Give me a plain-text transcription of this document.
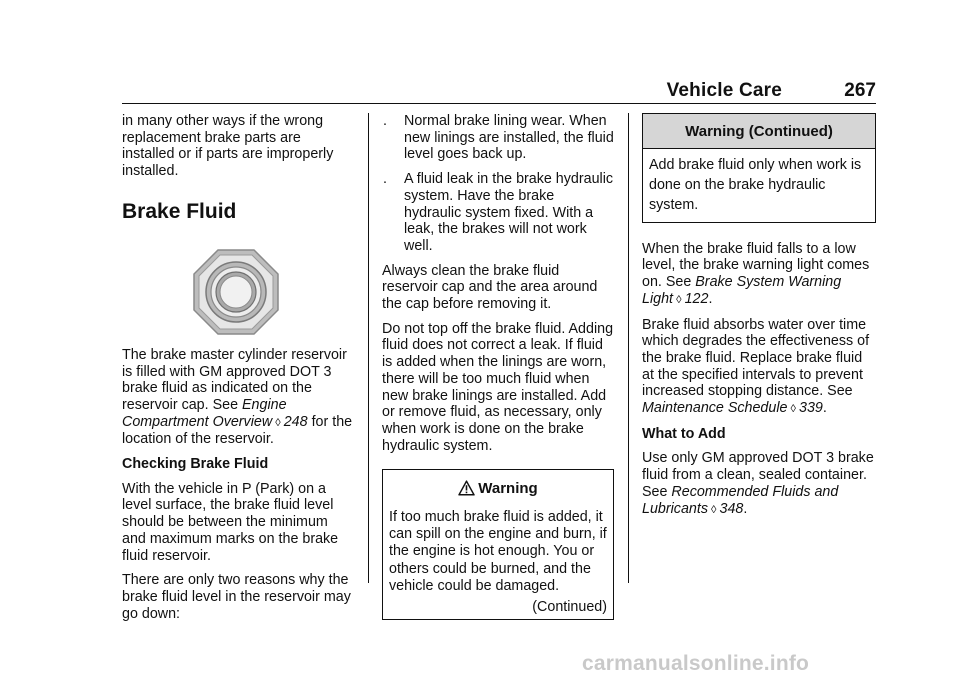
Vehicle Care	267

in many other ways if the wrong replacement brake parts are installed or if parts are improperly installed.

Brake Fluid

The brake master cylinder reservoir is filled with GM approved DOT 3 brake fluid as indicated on the reservoir cap. See Engine Compartment Overview ◊ 248 for the location of the reservoir.

Checking Brake Fluid

With the vehicle in P (Park) on a level surface, the brake fluid level should be between the minimum and maximum marks on the brake fluid reservoir.

There are only two reasons why the brake fluid level in the reservoir may go down:

. Normal brake lining wear. When new linings are installed, the fluid level goes back up.
. A fluid leak in the brake hydraulic system. Have the brake hydraulic system fixed. With a leak, the brakes will not work well.

Always clean the brake fluid reservoir cap and the area around the cap before removing it.

Do not top off the brake fluid. Adding fluid does not correct a leak. If fluid is added when the linings are worn, there will be too much fluid when new brake linings are installed. Add or remove fluid, as necessary, only when work is done on the brake hydraulic system.

Warning
If too much brake fluid is added, it can spill on the engine and burn, if the engine is hot enough. You or others could be burned, and the vehicle could be damaged.
(Continued)
Warning (Continued)
Add brake fluid only when work is done on the brake hydraulic system.

When the brake fluid falls to a low level, the brake warning light comes on. See Brake System Warning Light ◊ 122.

Brake fluid absorbs water over time which degrades the effectiveness of the brake fluid. Replace brake fluid at the specified intervals to prevent increased stopping distance. See Maintenance Schedule ◊ 339.

What to Add

Use only GM approved DOT 3 brake fluid from a clean, sealed container. See Recommended Fluids and Lubricants ◊ 348.

carmanualsonline.info
